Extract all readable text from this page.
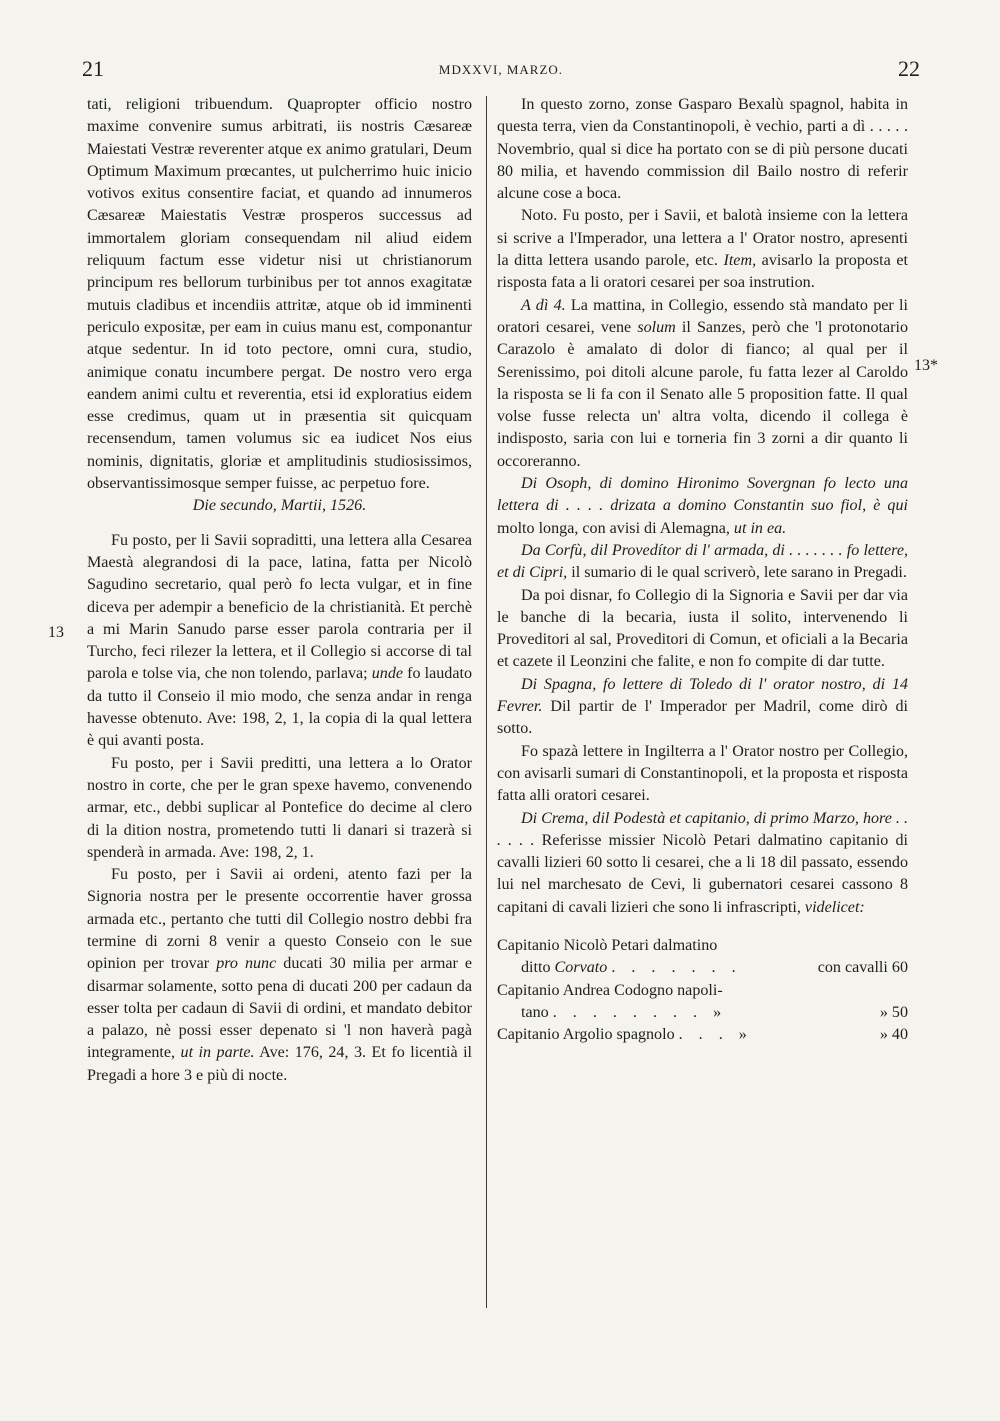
21	MDXXVI, MARZO.	22
13
13*

tati, religioni tribuendum. Quapropter officio nostro maxime convenire sumus arbitrati, iis nostris Cæsareæ Maiestati Vestræ reverenter atque ex animo gratulari, Deum Optimum Maximum prœcantes, ut pulcherrimo huic inicio votivos exitus consentire faciat, et quando ad innumeros Cæsareæ Maiestatis Vestræ prosperos successus ad immortalem gloriam consequendam nil aliud eidem reliquum factum esse videtur nisi ut christianorum principum res bellorum turbinibus per tot annos exagitatæ mutuis cladibus et incendiis attritæ, atque ob id imminenti periculo expositæ, per eam in cuius manu est, componantur atque sedentur. In id toto pectore, omni cura, studio, animique conatu incumbere pergat. De nostro vero erga eandem animi cultu et reverentia, etsi id exploratius eidem esse credimus, quam ut in præsentia sit quicquam recensendum, tamen volumus sic ea iudicet Nos eius nominis, dignitatis, gloriæ et amplitudinis studiosissimos, observantissimosque semper fuisse, ac perpetuo fore.

Die secundo, Martii, 1526.

Fu posto, per li Savii sopraditti, una lettera alla Cesarea Maestà alegrandosi di la pace, latina, fatta per Nicolò Sagudino secretario, qual però fo lecta vulgar, et in fine diceva per adempir a beneficio de la christianità. Et perchè a mi Marin Sanudo parse esser parola contraria per il Turcho, feci rilezer la lettera, et il Collegio si accorse di tal parola e tolse via, che non tolendo, parlava; unde fo laudato da tutto il Conseio il mio modo, che senza andar in renga havesse obtenuto. Ave: 198, 2, 1, la copia di la qual lettera è qui avanti posta.

Fu posto, per i Savii preditti, una lettera a lo Orator nostro in corte, che per le gran spexe havemo, convenendo armar, etc., debbi suplicar al Pontefice do decime al clero di la dition nostra, prometendo tutti li danari si trazerà si spenderà in armada. Ave: 198, 2, 1.

Fu posto, per i Savii ai ordeni, atento fazi per la Signoria nostra per le presente occorrentie haver grossa armada etc., pertanto che tutti dil Collegio nostro debbi fra termine di zorni 8 venir a questo Conseio con le sue opinion per trovar pro nunc ducati 30 milia per armar e disarmar solamente, sotto pena di ducati 200 per cadaun da esser tolta per cadaun di Savii di ordini, et mandato debitor a palazo, nè possi esser depenato si 'l non haverà pagà integramente, ut in parte. Ave: 176, 24, 3. Et fo licentià il Pregadi a hore 3 e più di nocte.

In questo zorno, zonse Gasparo Bexalù spagnol, habita in questa terra, vien da Constantinopoli, è vechio, parti a dì . . . . . Novembrio, qual si dice ha portato con se di più persone ducati 80 milia, et havendo commission dil Bailo nostro di referir alcune cose a boca.

Noto. Fu posto, per i Savii, et balotà insieme con la lettera si scrive a l'Imperador, una lettera a l' Orator nostro, apresenti la ditta lettera usando parole, etc. Item, avisarlo la proposta et risposta fata a li oratori cesarei per soa instrution.

A dì 4. La mattina, in Collegio, essendo stà mandato per li oratori cesarei, vene solum il Sanzes, però che 'l protonotario Carazolo è amalato di dolor di fianco; al qual per il Serenissimo, poi ditoli alcune parole, fu fatta lezer al Caroldo la risposta se li fa con il Senato alle 5 proposition fatte. Il qual volse fusse relecta un' altra volta, dicendo il collega è indisposto, saria con lui e torneria fin 3 zorni a dir quanto li occoreranno.

Di Osoph, di domino Hironimo Sovergnan fo lecto una lettera di . . . . drizata a domino Constantin suo fiol, è qui molto longa, con avisi di Alemagna, ut in ea.

Da Corfù, dil Provedítor di l' armada, di . . . . . . . fo lettere, et di Cipri, il sumario di le qual scriverò, lete sarano in Pregadi.

Da poi disnar, fo Collegio di la Signoria e Savii per dar via le banche di la becaria, iusta il solito, intervenendo li Proveditori al sal, Proveditori di Comun, et oficiali a la Becaria et cazete il Leonzini che falite, e non fo compite di dar tutte.

Di Spagna, fo lettere di Toledo di l' orator nostro, di 14 Fevrer. Dil partir de l' Imperador per Madril, come dirò di sotto.

Fo spazà lettere in Ingilterra a l' Orator nostro per Collegio, con avisarli sumari di Constantinopoli, et la proposta et risposta fatta alli oratori cesarei.

Di Crema, dil Podestà et capitanio, di primo Marzo, hore . . . . . . Referisse missier Nicolò Petari dalmatino capitanio di cavalli lizieri 60 sotto li cesarei, che a li 18 dil passato, essendo lui nel marchesato de Cevi, li gubernatori cesarei cassono 8 capitani di cavali lizieri che sono li infrascripti, videlicet:

Capitanio Nicolò Petari dalmatino
ditto Corvato . . . . . . .	con cavalli 60
Capitanio Andrea Codogno napoli-
tano . . . . . . . . »	» 50
Capitanio Argolio spagnolo . . . »	» 40
